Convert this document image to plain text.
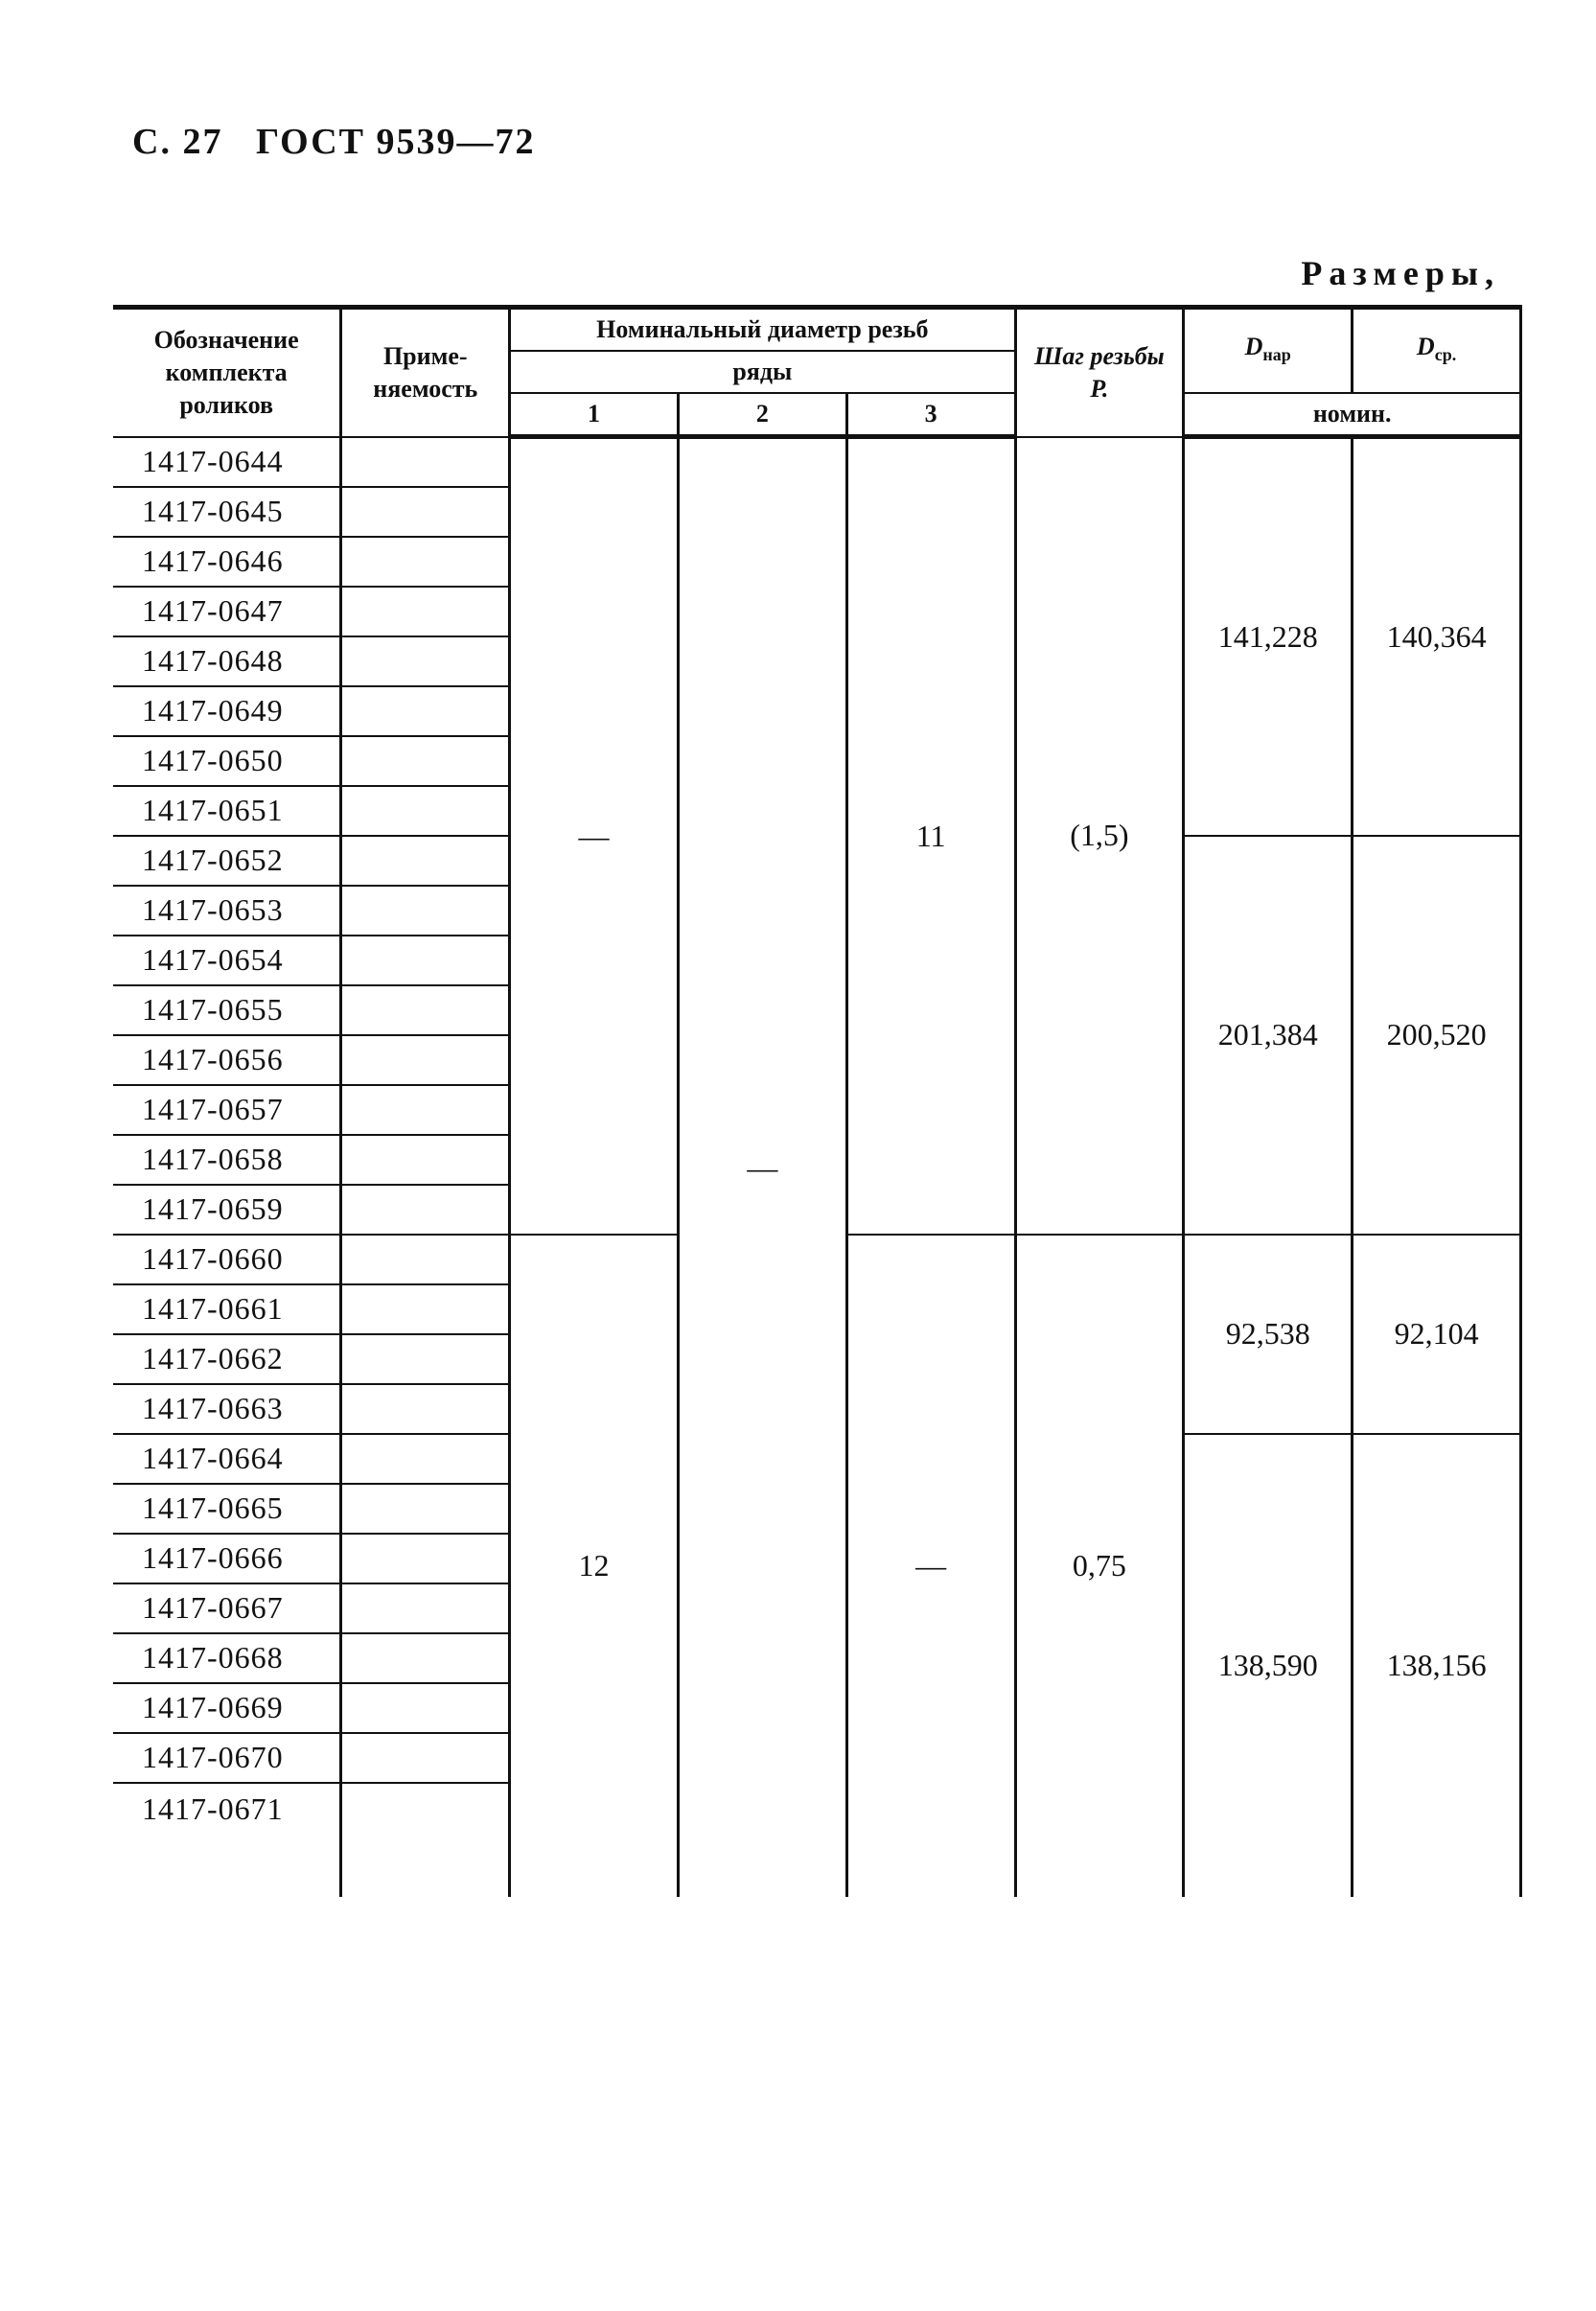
С. 27 ГОСТ 9539—72
Размеры,
Обозначение комплекта роликов	Приме- няемость	Номинальный диаметр резьб			Шаг резьбы
P.	$D_{нар}$	$D_{ср.}$
		ряды					
		1	2	3		номин.	
1417-0644		—	—	11	(1,5)	141,228	140,364
1417-0645							
1417-0646							
1417-0647							
1417-0648							
1417-0649							
1417-0650							
1417-0651							
1417-0652						201,384	200,520
1417-0653							
1417-0654							
1417-0655							
1417-0656							
1417-0657							
1417-0658							
1417-0659							
1417-0660		12		—	0,75	92,538	92,104
1417-0661							
1417-0662							
1417-0663							
1417-0664						138,590	138,156
1417-0665							
1417-0666							
1417-0667							
1417-0668							
1417-0669							
1417-0670							
1417-0671							
